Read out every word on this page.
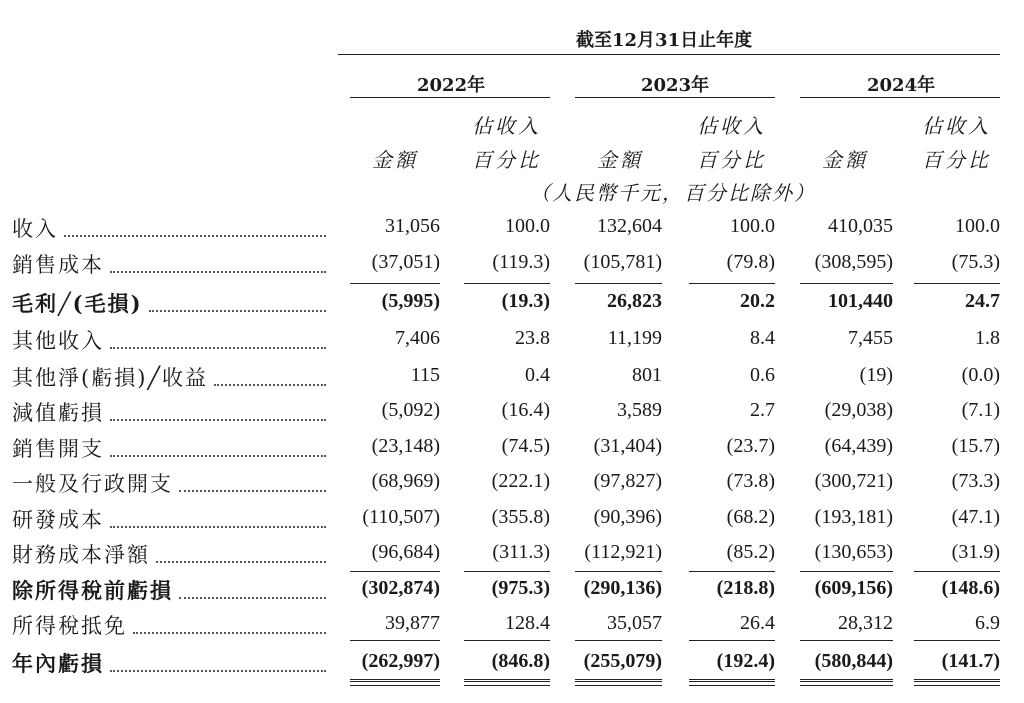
截至12月31日止年度
2022年	2023年	2024年
佔收入	佔收入	佔收入
金額	百分比	金額	百分比	金額	百分比
（人民幣千元，百分比除外）
收入	31,056	100.0	132,604	100.0	410,035	100.0
銷售成本	(37,051)	(119.3)	(105,781)	(79.8)	(308,595)	(75.3)
毛利╱(毛損)	(5,995)	(19.3)	26,823	20.2	101,440	24.7
其他收入	7,406	23.8	11,199	8.4	7,455	1.8
其他淨(虧損)╱收益	115	0.4	801	0.6	(19)	(0.0)
減值虧損	(5,092)	(16.4)	3,589	2.7	(29,038)	(7.1)
銷售開支	(23,148)	(74.5)	(31,404)	(23.7)	(64,439)	(15.7)
一般及行政開支	(68,969)	(222.1)	(97,827)	(73.8)	(300,721)	(73.3)
研發成本	(110,507)	(355.8)	(90,396)	(68.2)	(193,181)	(47.1)
財務成本淨額	(96,684)	(311.3)	(112,921)	(85.2)	(130,653)	(31.9)
除所得稅前虧損	(302,874)	(975.3)	(290,136)	(218.8)	(609,156)	(148.6)
所得稅抵免	39,877	128.4	35,057	26.4	28,312	6.9
年內虧損	(262,997)	(846.8)	(255,079)	(192.4)	(580,844)	(141.7)
